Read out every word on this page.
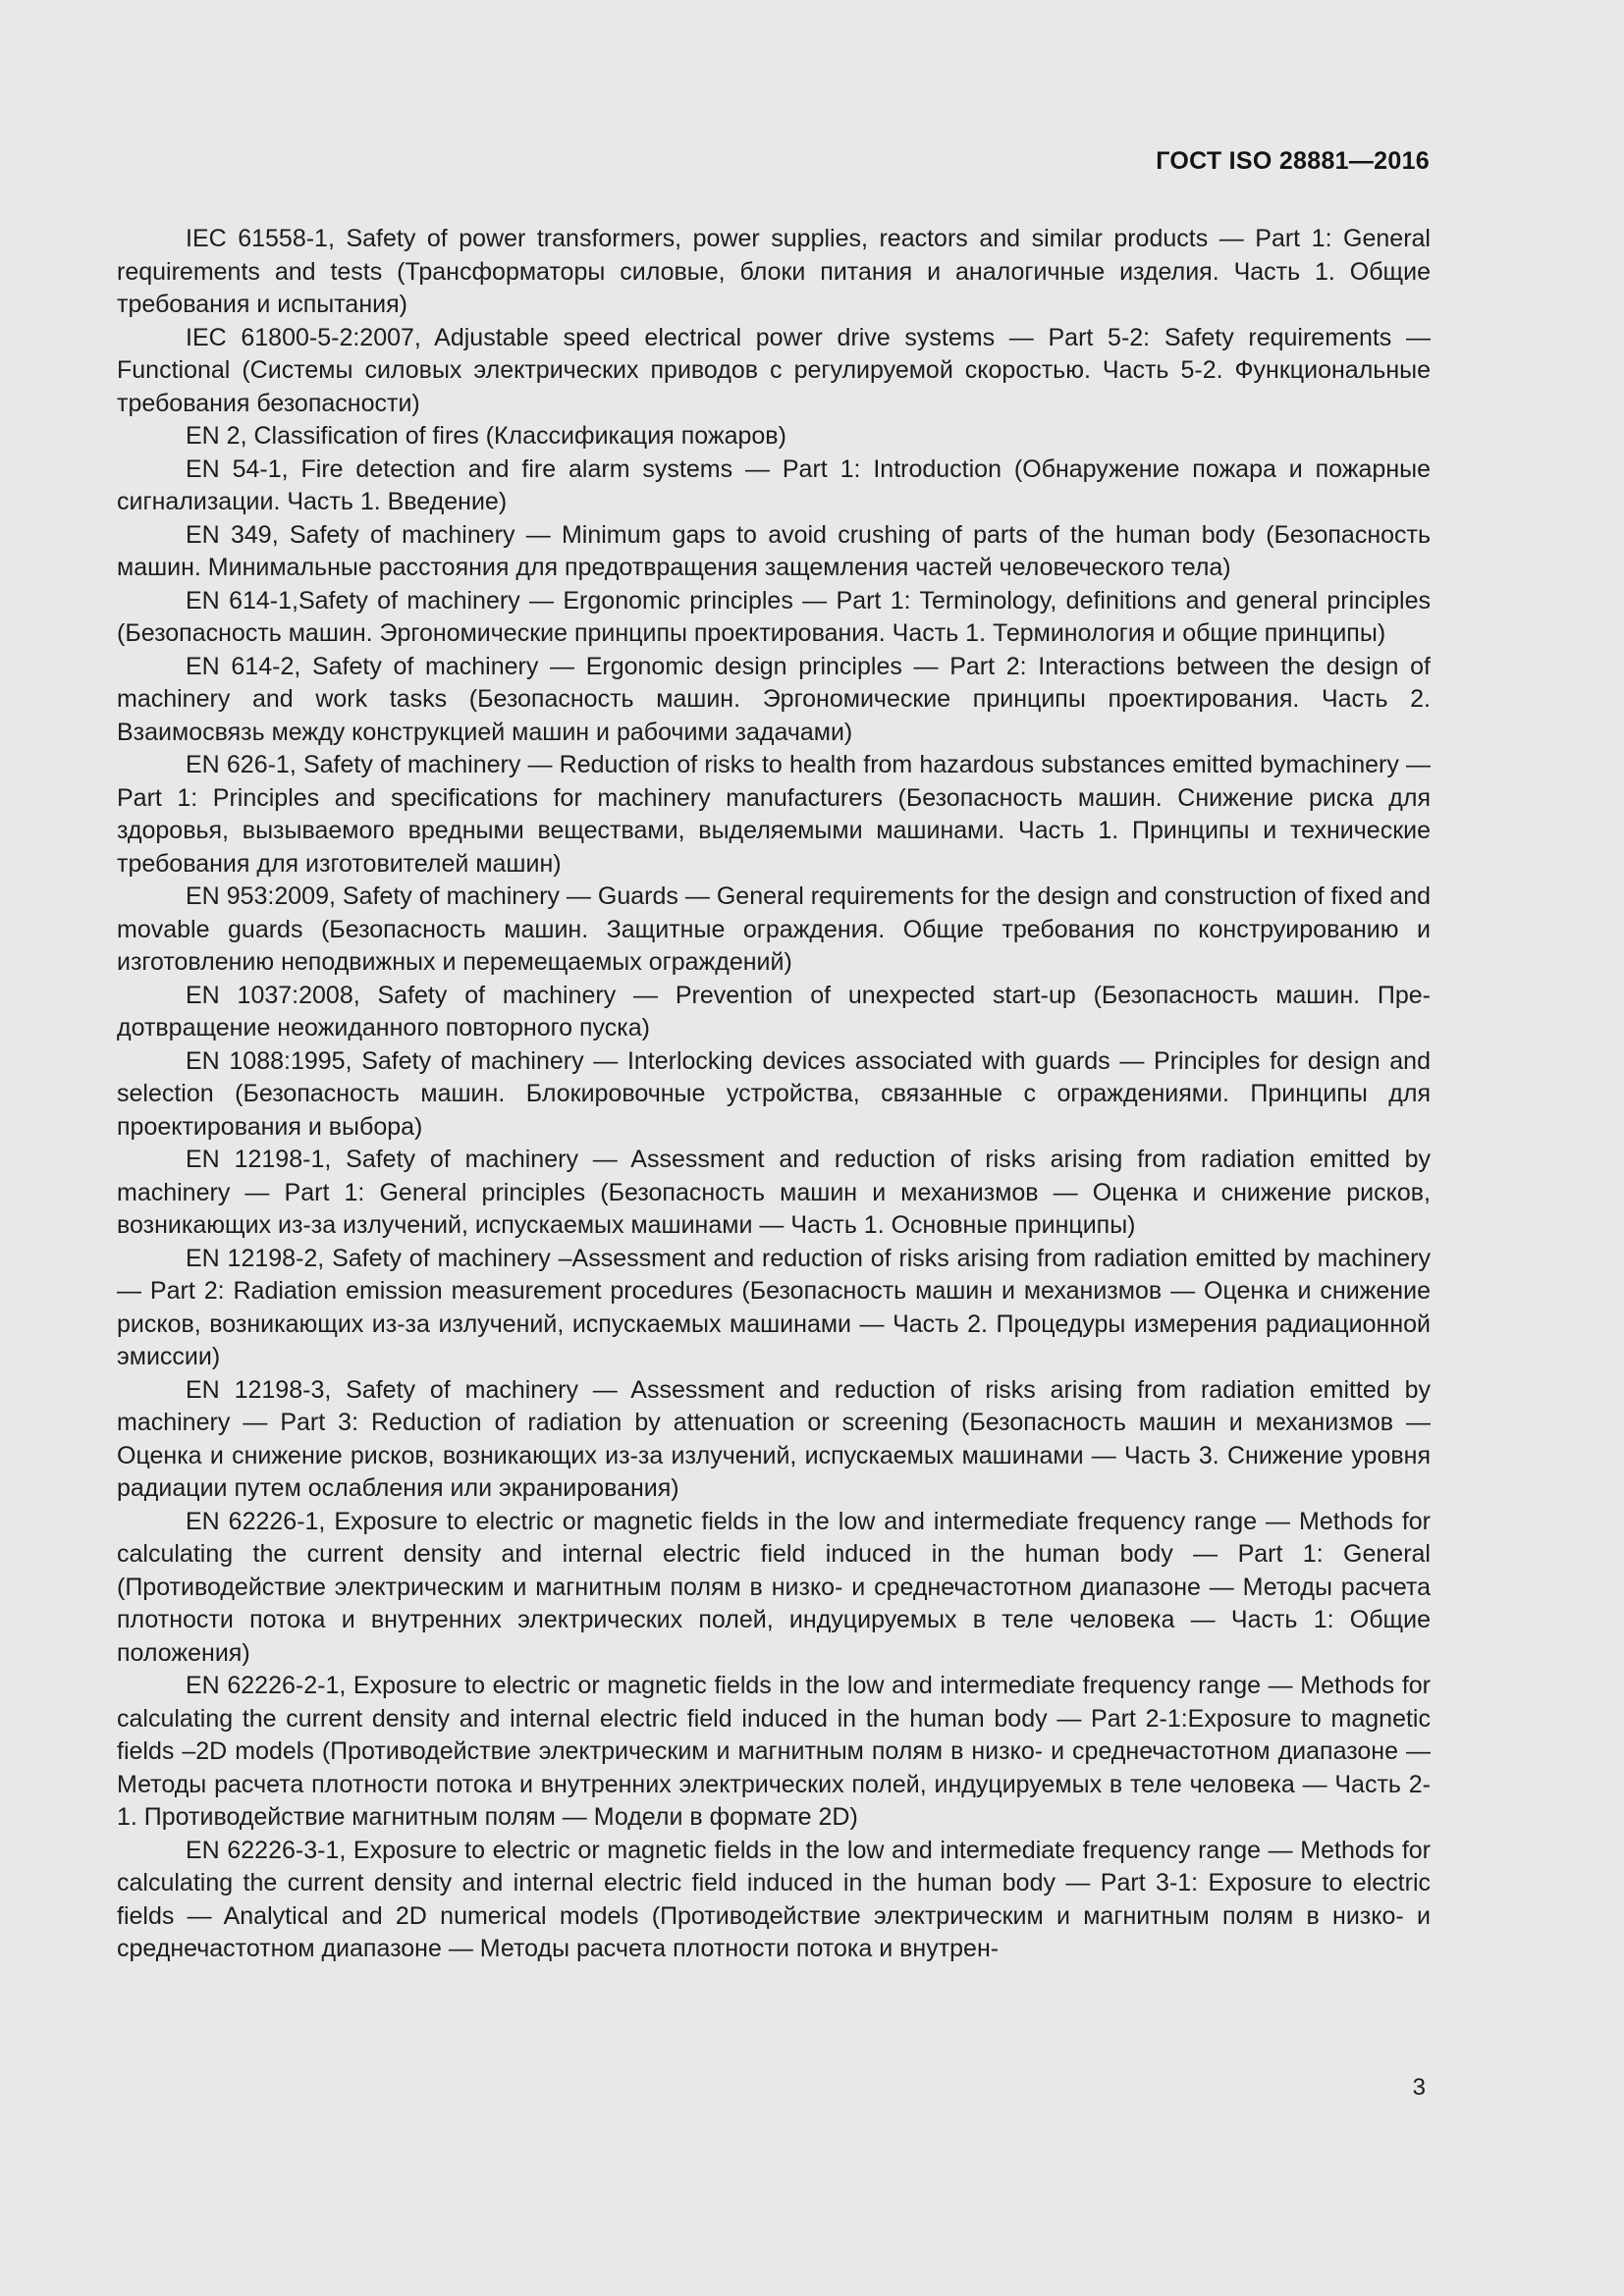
ГОСТ ISO 28881—2016

IEC 61558-1, Safety of power transformers, power supplies, reactors and similar products — Part 1: General requirements and tests (Трансформаторы силовые, блоки питания и аналогичные изделия. Часть 1. Общие требования и испытания)

IEC 61800-5-2:2007, Adjustable speed electrical power drive systems — Part 5-2: Safety requirements — Functional (Системы силовых электрических приводов с регулируемой скоростью. Часть 5-2. Функциональные требования безопасности)

EN 2, Classification of fires (Классификация пожаров)

EN 54-1, Fire detection and fire alarm systems — Part 1: Introduction (Обнаружение пожара и пожарные сигнализации. Часть 1. Введение)

EN 349, Safety of machinery — Minimum gaps to avoid crushing of parts of the human body (Безопасность машин. Минимальные расстояния для предотвращения защемления частей человеческого тела)

EN 614-1,Safety of machinery — Ergonomic principles — Part 1: Terminology, definitions and general principles (Безопасность машин. Эргономические принципы проектирования. Часть 1. Терминология и общие принципы)

EN 614-2, Safety of machinery — Ergonomic design principles — Part 2: Interactions between the design of machinery and work tasks (Безопасность машин. Эргономические принципы проектирования. Часть 2. Взаимосвязь между конструкцией машин и рабочими задачами)

EN 626-1, Safety of machinery — Reduction of risks to health from hazardous substances emitted bymachinery — Part 1: Principles and specifications for machinery manufacturers (Безопасность машин. Снижение риска для здоровья, вызываемого вредными веществами, выделяемыми машинами. Часть 1. Принципы и технические требования для изготовителей машин)

EN 953:2009, Safety of machinery — Guards — General requirements for the design and construction of fixed and movable guards (Безопасность машин. Защитные ограждения. Общие требования по конструированию и изготовлению неподвижных и перемещаемых ограждений)

EN 1037:2008, Safety of machinery — Prevention of unexpected start-up (Безопасность машин. Предотвращение неожиданного повторного пуска)

EN 1088:1995, Safety of machinery — Interlocking devices associated with guards — Principles for design and selection (Безопасность машин. Блокировочные устройства, связанные с ограждениями. Принципы для проектирования и выбора)

EN 12198-1, Safety of machinery — Assessment and reduction of risks arising from radiation emitted by machinery — Part 1: General principles (Безопасность машин и механизмов — Оценка и снижение рисков, возникающих из-за излучений, испускаемых машинами — Часть 1. Основные принципы)

EN 12198-2, Safety of machinery –Assessment and reduction of risks arising from radiation emitted by machinery — Part 2: Radiation emission measurement procedures (Безопасность машин и механизмов — Оценка и снижение рисков, возникающих из-за излучений, испускаемых машинами — Часть 2. Процедуры измерения радиационной эмиссии)

EN 12198-3, Safety of machinery — Assessment and reduction of risks arising from radiation emitted by machinery — Part 3: Reduction of radiation by attenuation or screening (Безопасность машин и механизмов — Оценка и снижение рисков, возникающих из-за излучений, испускаемых машинами — Часть 3. Снижение уровня радиации путем ослабления или экранирования)

EN 62226-1, Exposure to electric or magnetic fields in the low and intermediate frequency range — Methods for calculating the current density and internal electric field induced in the human body — Part 1: General (Противодействие электрическим и магнитным полям в низко- и среднечастотном диапазоне — Методы расчета плотности потока и внутренних электрических полей, индуцируемых в теле человека — Часть 1: Общие положения)

EN 62226-2-1, Exposure to electric or magnetic fields in the low and intermediate frequency range — Methods for calculating the current density and internal electric field induced in the human body — Part 2-1:Exposure to magnetic fields –2D models (Противодействие электрическим и магнитным полям в низко- и среднечастотном диапазоне — Методы расчета плотности потока и внутренних электрических полей, индуцируемых в теле человека — Часть 2-1. Противодействие магнитным полям — Модели в формате 2D)

EN 62226-3-1, Exposure to electric or magnetic fields in the low and intermediate frequency range — Methods for calculating the current density and internal electric field induced in the human body — Part 3-1: Exposure to electric fields — Analytical and 2D numerical models (Противодействие электрическим и магнитным полям в низко- и среднечастотном диапазоне — Методы расчета плотности потока и внутрен-

3
